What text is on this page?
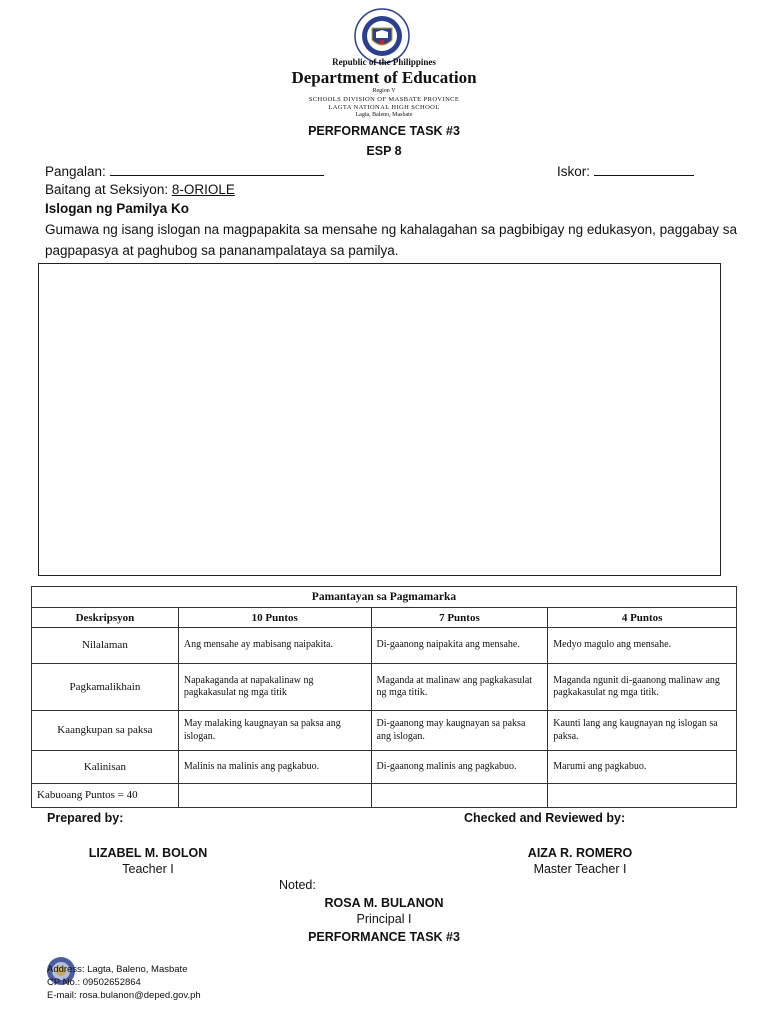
Republic of the Philippines
Department of Education
Region V
SCHOOLS DIVISION OF MASBATE PROVINCE
LAGTA NATIONAL HIGH SCHOOL
Lagta, Baleno, Masbate
PERFORMANCE TASK #3
ESP 8
Pangalan:	Iskor:
Baitang at Seksiyon: 8-ORIOLE
Islogan ng Pamilya Ko
Gumawa ng isang islogan na magpapakita sa mensahe ng kahalagahan sa pagbibigay ng edukasyon, paggabay sa pagpapasya at paghubog sa pananampalataya sa pamilya.
Pamantayan sa Pagmamarka			
Deskripsyon	10 Puntos	7 Puntos	4 Puntos
Nilalaman	Ang mensahe ay mabisang naipakita.	Di-gaanong naipakita ang mensahe.	Medyo magulo ang mensahe.
Pagkamalikhain	Napakaganda at napakalinaw ng pagkakasulat ng mga titik	Maganda at malinaw ang pagkakasulat ng mga titik.	Maganda ngunit di-gaanong malinaw ang pagkakasulat ng mga titik.
Kaangkupan sa paksa	May malaking kaugnayan sa paksa ang islogan.	Di-gaanong may kaugnayan sa paksa ang islogan.	Kaunti lang ang kaugnayan ng islogan sa paksa.
Kalinisan	Malinis na malinis ang pagkabuo.	Di-gaanong malinis ang pagkabuo.	Marumi ang pagkabuo.
Kabuoang Puntos = 40			
Prepared by:	Checked and Reviewed by:
LIZABEL M. BOLON
Teacher I
AIZA R. ROMERO
Master Teacher I
Noted:
ROSA M. BULANON
Principal I
PERFORMANCE TASK #3
Address: Lagta, Baleno, Masbate
CP No.: 09502652864
E-mail: rosa.bulanon@deped.gov.ph
